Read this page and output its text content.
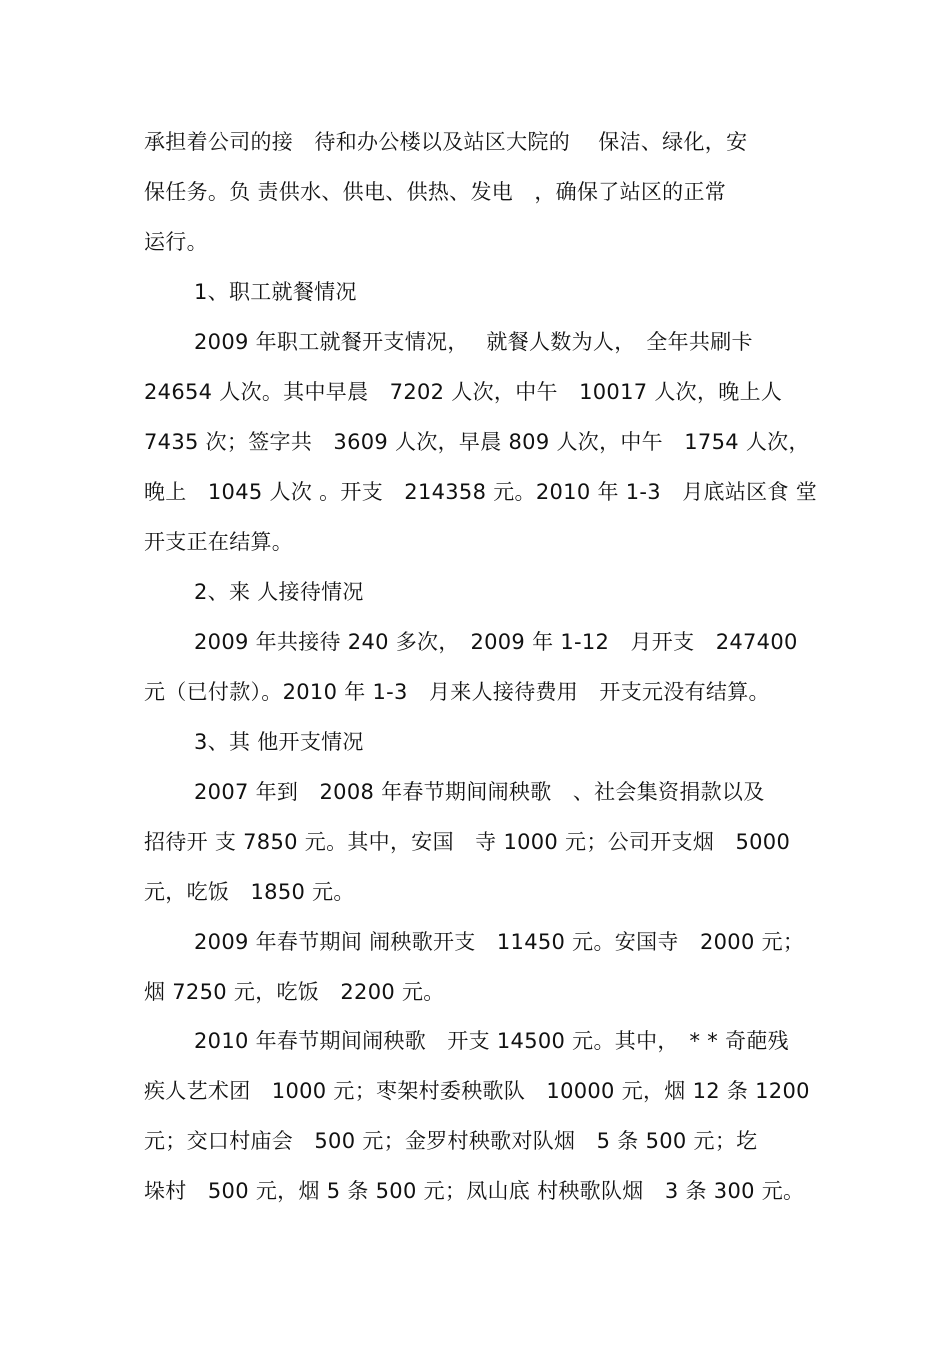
承担着公司的接　待和办公楼以及站区大院的　 保洁、绿化，安
保任务。负 责供水、供电、供热、发电　，确保了站区的正常
运行。
1、职工就餐情况
2009 年职工就餐开支情况，　 就餐人数为人，　全年共刷卡
24654 人次。其中早晨　7202 人次，中午　10017 人次，晚上人
7435 次；签字共　3609 人次，早晨 809 人次，中午　1754 人次，
晚上　1045 人次 。开支　214358 元。2010 年 1-3　月底站区食 堂
开支正在结算。
2、来 人接待情况
2009 年共接待 240 多次，　2009 年 1-12　月开支　247400
元（已付款）。2010 年 1-3　月来人接待费用　开支元没有结算。
3、其 他开支情况
2007 年到　2008 年春节期间闹秧歌　、社会集资捐款以及
招待开 支 7850 元。其中，安国　寺 1000 元；公司开支烟　5000
元，吃饭　1850 元。
2009 年春节期间 闹秧歌开支　11450 元。安国寺　2000 元；
烟 7250 元，吃饭　2200 元。
2010 年春节期间闹秧歌　开支 14500 元。其中，　* * 奇葩残
疾人艺术团　1000 元；枣架村委秧歌队　10000 元，烟 12 条 1200
元；交口村庙会　500 元；金罗村秧歌对队烟　5 条 500 元；圪
垛村　500 元，烟 5 条 500 元；凤山底 村秧歌队烟　3 条 300 元。
